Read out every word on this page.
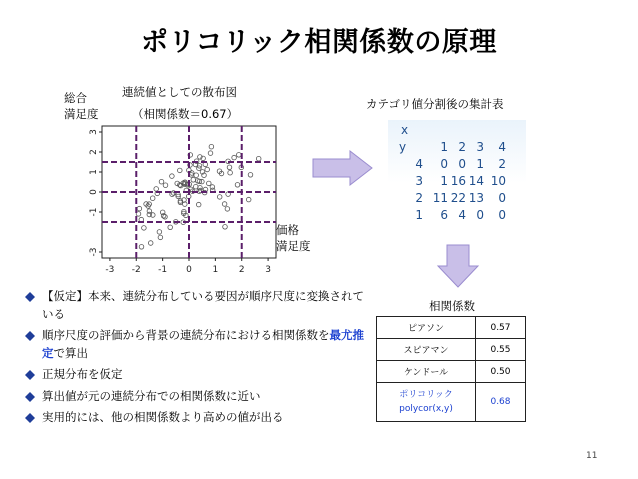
ポリコリック相関係数の原理
総合
満足度
連続値としての散布図
（相関係数＝0.67）
価格
満足度
-3 -2 -1 0 1 2 3
-3
-1
0
1
2
3
カテゴリ値分割後の集計表
x
y	1 2 3	4
4	0 0 1	2
3	1 16 14 10
2 11 22 13	0
1	6 4 0	0
相関係数
ピアソン	0.57
スピアマン	0.55
ケンドール	0.50

ポリコリック
polycor(x,y)	0.68
【仮定】本来、連続分布している要因が順序尺度に変換されている
順序尺度の評価から背景の連続分布における相関係数を最尤推定で算出
正規分布を仮定
算出値が元の連続分布での相関係数に近い
実用的には、他の相関係数より高めの値が出る
11
